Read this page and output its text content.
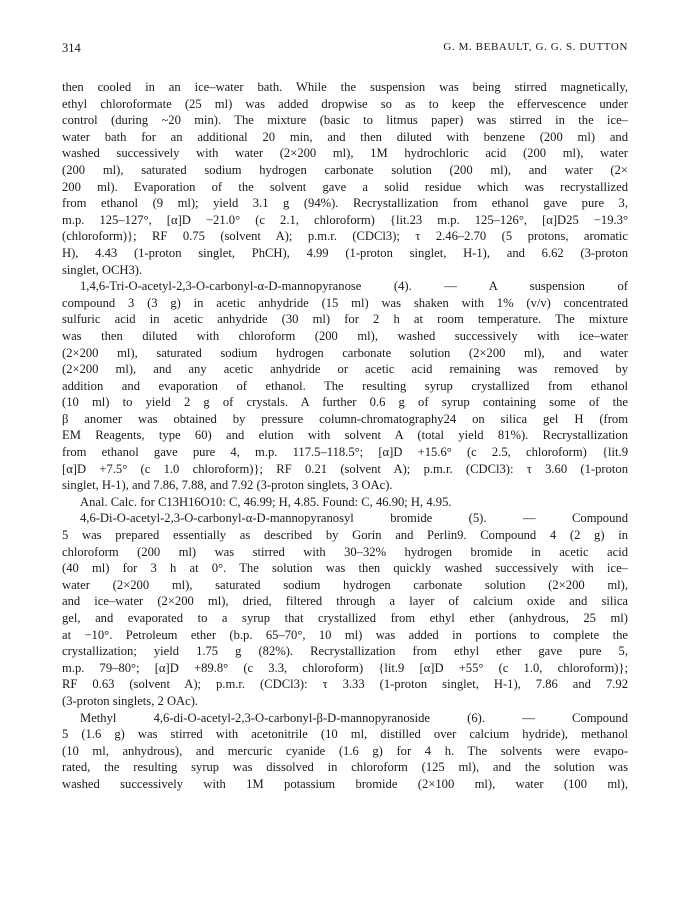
314	G. M. BEBAULT, G. G. S. DUTTON
then cooled in an ice–water bath. While the suspension was being stirred magnetically,
ethyl chloroformate (25 ml) was added dropwise so as to keep the effervescence under
control (during ~20 min). The mixture (basic to litmus paper) was stirred in the ice–
water bath for an additional 20 min, and then diluted with benzene (200 ml) and
washed successively with water (2×200 ml), 1M hydrochloric acid (200 ml), water
(200 ml), saturated sodium hydrogen carbonate solution (200 ml), and water (2×
200 ml). Evaporation of the solvent gave a solid residue which was recrystallized
from ethanol (9 ml); yield 3.1 g (94%). Recrystallization from ethanol gave pure 3,
m.p. 125–127°, [α]D −21.0° (c 2.1, chloroform) {lit.23 m.p. 125–126°, [α]D25 −19.3°
(chloroform)}; RF 0.75 (solvent A); p.m.r. (CDCl3); τ 2.46–2.70 (5 protons, aromatic
H), 4.43 (1-proton singlet, PhCH), 4.99 (1-proton singlet, H-1), and 6.62 (3-proton
singlet, OCH3).
1,4,6-Tri-O-acetyl-2,3-O-carbonyl-α-D-mannopyranose (4). — A suspension of
compound 3 (3 g) in acetic anhydride (15 ml) was shaken with 1% (v/v) concentrated
sulfuric acid in acetic anhydride (30 ml) for 2 h at room temperature. The mixture
was then diluted with chloroform (200 ml), washed successively with ice–water
(2×200 ml), saturated sodium hydrogen carbonate solution (2×200 ml), and water
(2×200 ml), and any acetic anhydride or acetic acid remaining was removed by
addition and evaporation of ethanol. The resulting syrup crystallized from ethanol
(10 ml) to yield 2 g of crystals. A further 0.6 g of syrup containing some of the
β anomer was obtained by pressure column-chromatography24 on silica gel H (from
EM Reagents, type 60) and elution with solvent A (total yield 81%). Recrystallization
from ethanol gave pure 4, m.p. 117.5–118.5°; [α]D +15.6° (c 2.5, chloroform) {lit.9
[α]D +7.5° (c 1.0 chloroform)}; RF 0.21 (solvent A); p.m.r. (CDCl3): τ 3.60 (1-proton
singlet, H-1), and 7.86, 7.88, and 7.92 (3-proton singlets, 3 OAc).
Anal. Calc. for C13H16O10: C, 46.99; H, 4.85. Found: C, 46.90; H, 4.95.
4,6-Di-O-acetyl-2,3-O-carbonyl-α-D-mannopyranosyl bromide (5). — Compound
5 was prepared essentially as described by Gorin and Perlin9. Compound 4 (2 g) in
chloroform (200 ml) was stirred with 30–32% hydrogen bromide in acetic acid
(40 ml) for 3 h at 0°. The solution was then quickly washed successively with ice–
water (2×200 ml), saturated sodium hydrogen carbonate solution (2×200 ml),
and ice–water (2×200 ml), dried, filtered through a layer of calcium oxide and silica
gel, and evaporated to a syrup that crystallized from ethyl ether (anhydrous, 25 ml)
at −10°. Petroleum ether (b.p. 65–70°, 10 ml) was added in portions to complete the
crystallization; yield 1.75 g (82%). Recrystallization from ethyl ether gave pure 5,
m.p. 79–80°; [α]D +89.8° (c 3.3, chloroform) {lit.9 [α]D +55° (c 1.0, chloroform)};
RF 0.63 (solvent A); p.m.r. (CDCl3): τ 3.33 (1-proton singlet, H-1), 7.86 and 7.92
(3-proton singlets, 2 OAc).
Methyl 4,6-di-O-acetyl-2,3-O-carbonyl-β-D-mannopyranoside (6). — Compound
5 (1.6 g) was stirred with acetonitrile (10 ml, distilled over calcium hydride), methanol
(10 ml, anhydrous), and mercuric cyanide (1.6 g) for 4 h. The solvents were evapo-
rated, the resulting syrup was dissolved in chloroform (125 ml), and the solution was
washed successively with 1M potassium bromide (2×100 ml), water (100 ml),
